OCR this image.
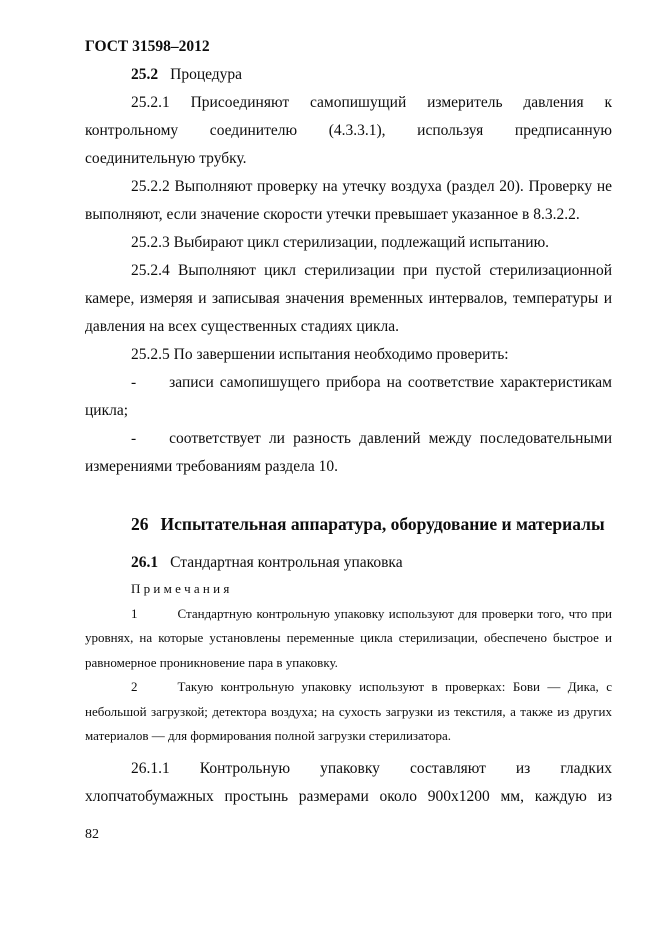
ГОСТ 31598–2012

25.2 Процедура

25.2.1 Присоединяют самопишущий измеритель давления к контрольному соединителю (4.3.3.1), используя предписанную соединительную трубку.

25.2.2 Выполняют проверку на утечку воздуха (раздел 20). Проверку не выполняют, если значение скорости утечки превышает указанное в 8.3.2.2.

25.2.3 Выбирают цикл стерилизации, подлежащий испытанию.

25.2.4 Выполняют цикл стерилизации при пустой стерилизационной камере, измеряя и записывая значения временных интервалов, температуры и давления на всех существенных стадиях цикла.

25.2.5 По завершении испытания необходимо проверить:

- записи самопишущего прибора на соответствие характеристикам цикла;

- соответствует ли разность давлений между последовательными измерениями требованиям раздела 10.

26 Испытательная аппаратура, оборудование и материалы

26.1 Стандартная контрольная упаковка

П р и м е ч а н и я

1	Стандартную контрольную упаковку используют для проверки того, что при уровнях, на которые установлены переменные цикла стерилизации, обеспечено быстрое и равномерное проникновение пара в упаковку.

2	Такую контрольную упаковку используют в проверках: Бови — Дика, с небольшой загрузкой; детектора воздуха; на сухость загрузки из текстиля, а также из других материалов — для формирования полной загрузки стерилизатора.

26.1.1 Контрольную упаковку составляют из гладких хлопчатобумажных простынь размерами около 900х1200 мм, каждую из

82
